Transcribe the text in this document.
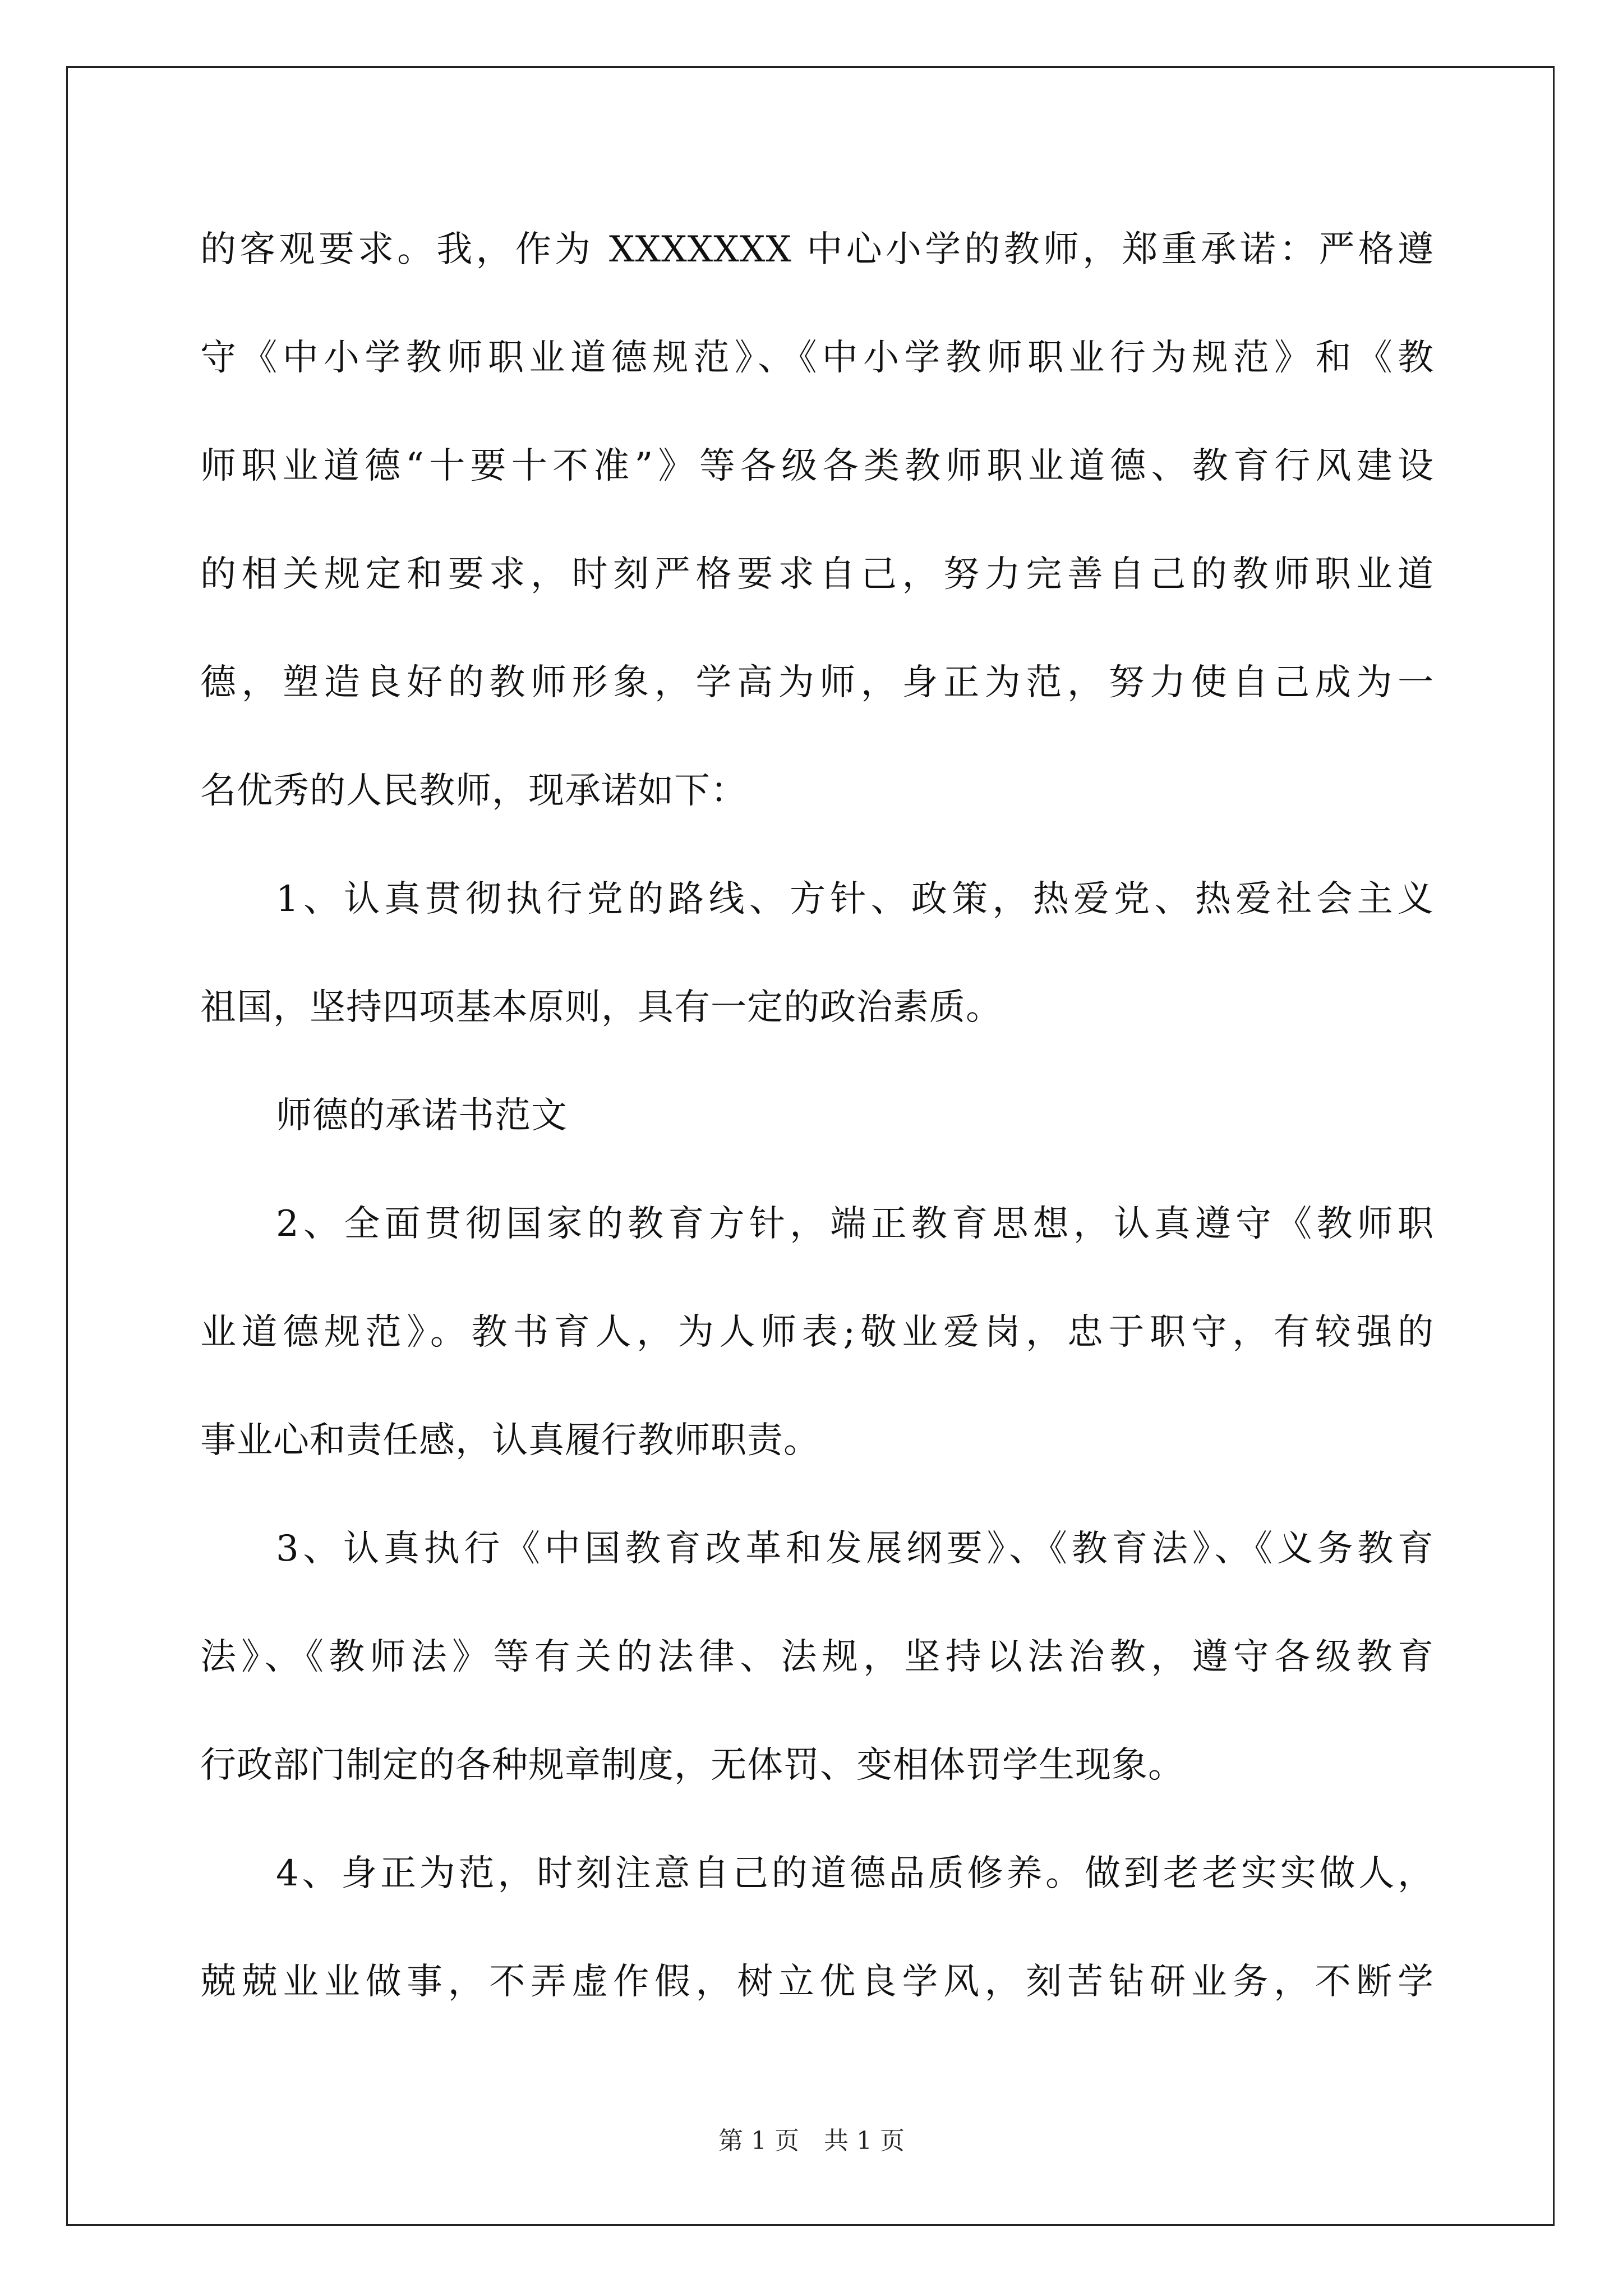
的客观要求。我，作为 XXXXXXX 中心小学的教师，郑重承诺：严格遵
守《中小学教师职业道德规范》、《中小学教师职业行为规范》和《教
师职业道德“十要十不准”》等各级各类教师职业道德、教育行风建设
的相关规定和要求，时刻严格要求自己，努力完善自己的教师职业道
德，塑造良好的教师形象，学高为师，身正为范，努力使自己成为一
名优秀的人民教师，现承诺如下：
1、认真贯彻执行党的路线、方针、政策，热爱党、热爱社会主义
祖国，坚持四项基本原则，具有一定的政治素质。
师德的承诺书范文
2、全面贯彻国家的教育方针，端正教育思想，认真遵守《教师职
业道德规范》。教书育人，为人师表;敬业爱岗，忠于职守，有较强的
事业心和责任感，认真履行教师职责。
3、认真执行《中国教育改革和发展纲要》、《教育法》、《义务教育
法》、《教师法》等有关的法律、法规，坚持以法治教，遵守各级教育
行政部门制定的各种规章制度，无体罚、变相体罚学生现象。
4、身正为范，时刻注意自己的道德品质修养。做到老老实实做人，
兢兢业业做事，不弄虚作假，树立优良学风，刻苦钻研业务，不断学
第 1 页　共 1 页
